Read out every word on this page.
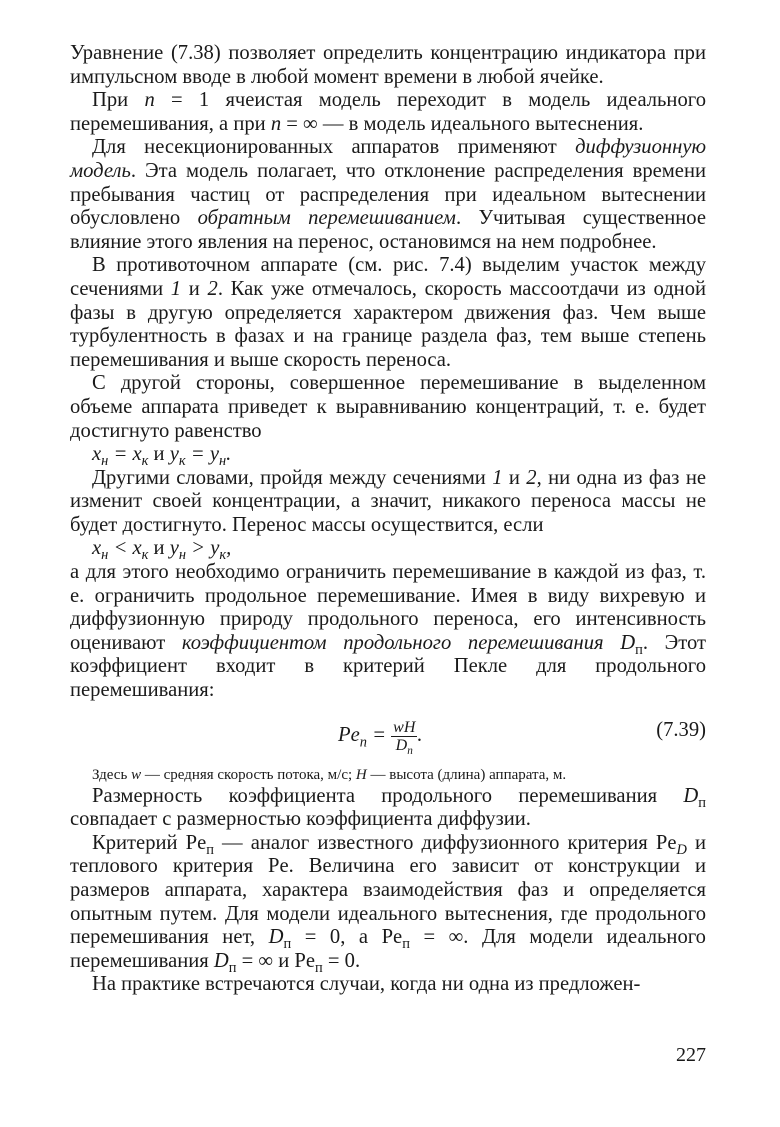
Уравнение (7.38) позволяет определить концентрацию индикатора при импульсном вводе в любой момент времени в любой ячейке.

При n = 1 ячеистая модель переходит в модель идеального перемешивания, а при n = ∞ — в модель идеального вытеснения.

Для несекционированных аппаратов применяют диффузионную модель. Эта модель полагает, что отклонение распределения времени пребывания частиц от распределения при идеальном вытеснении обусловлено обратным перемешиванием. Учитывая существенное влияние этого явления на перенос, остановимся на нем подробнее.

В противоточном аппарате (см. рис. 7.4) выделим участок между сечениями 1 и 2. Как уже отмечалось, скорость массоотдачи из одной фазы в другую определяется характером движения фаз. Чем выше турбулентность в фазах и на границе раздела фаз, тем выше степень перемешивания и выше скорость переноса.

С другой стороны, совершенное перемешивание в выделенном объеме аппарата приведет к выравниванию концентраций, т. е. будет достигнуто равенство

$x_н = x_к$ и $y_к = y_н$.

Другими словами, пройдя между сечениями 1 и 2, ни одна из фаз не изменит своей концентрации, а значит, никакого переноса массы не будет достигнуто. Перенос массы осуществится, если

$x_н < x_к$ и $y_н > y_к$,

а для этого необходимо ограничить перемешивание в каждой из фаз, т. е. ограничить продольное перемешивание. Имея в виду вихревую и диффузионную природу продольного переноса, его интенсивность оценивают коэффициентом продольного перемешивания $D_п$. Этот коэффициент входит в критерий Пекле для продольного перемешивания:

$Pe_п = \frac{wH}{D_п}$ .	(7.39)

Здесь w — средняя скорость потока, м/с; H — высота (длина) аппарата, м.

Размерность коэффициента продольного перемешивания $D_п$ совпадает с размерностью коэффициента диффузии.

Критерий $Pe_п$ — аналог известного диффузионного критерия $Pe_D$ и теплового критерия Pe. Величина его зависит от конструкции и размеров аппарата, характера взаимодействия фаз и определяется опытным путем. Для модели идеального вытеснения, где продольного перемешивания нет, $D_п = 0$, а $Pe_п$ = ∞. Для модели идеального перемешивания $D_п$ = ∞ и $Pe_п = 0$.

На практике встречаются случаи, когда ни одна из предложен-

227
